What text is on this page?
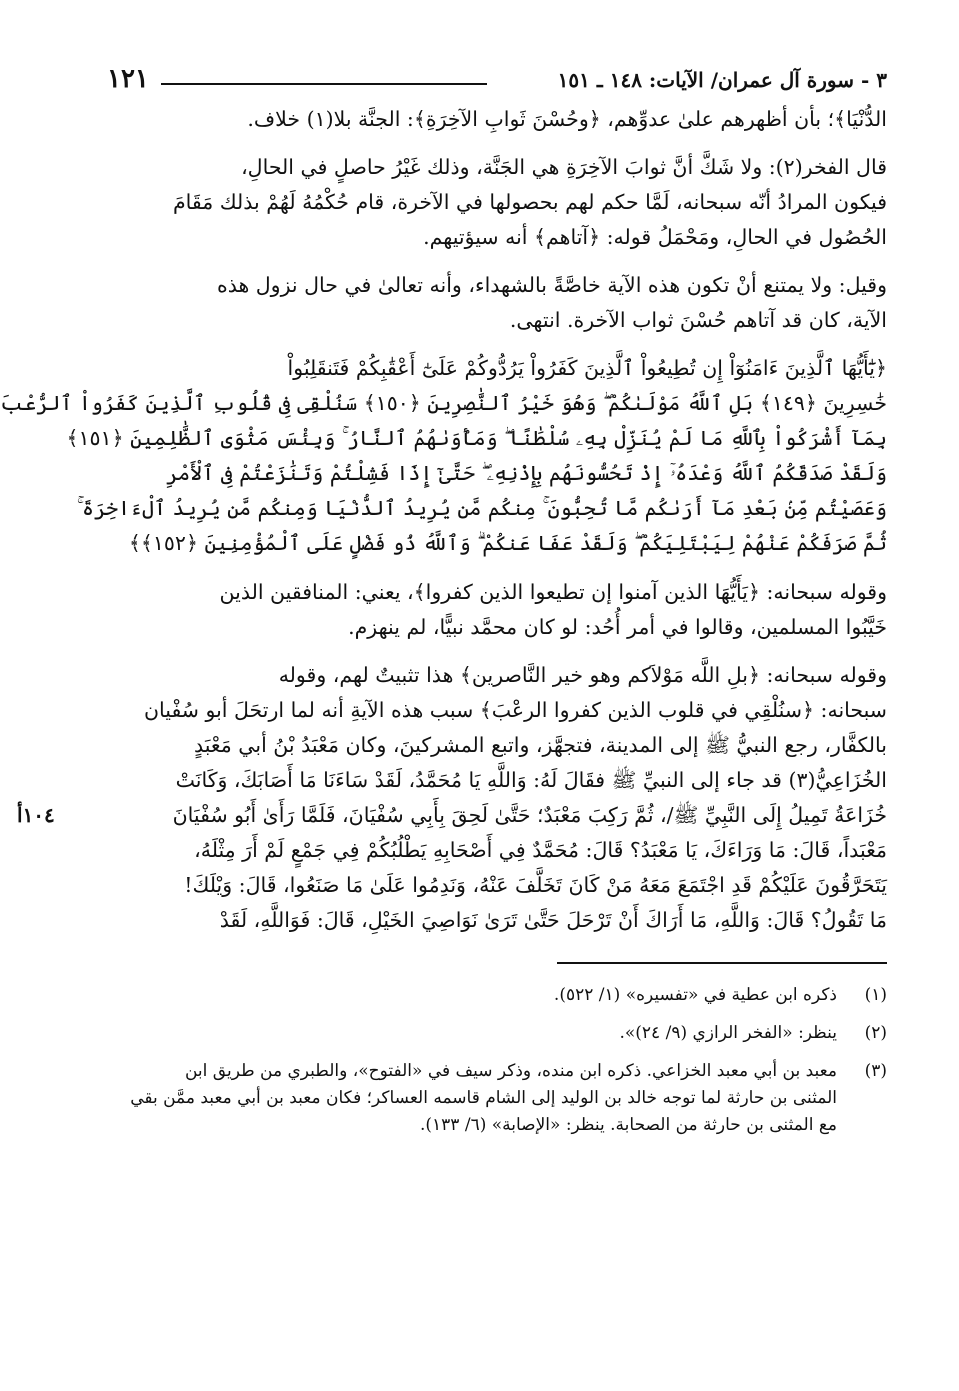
٣ - سورة آل عمران/ الآيات: ١٤٨ ـ ١٥١
١٢١
الدُّنْيَا﴾؛ بأن أظهرهم علىٰ عدوِّهم، ﴿وحُسْنَ ثَوابِ الآخِرَةِ﴾: الجنَّة بلا(١) خلاف.
قال الفخر(٢): ولا شَكَّ أنَّ ثوابَ الآخِرَةِ هي الجَنَّة، وذلك غَيْرُ حاصلٍ في الحالِ،
فيكون المرادُ أنّه سبحانه، لَمَّا حكم لهم بحصولها في الآخرة، قام حُكْمُهُ لَهُمْ بذلك مَقَامَ
الحُصُول في الحالِ، ومَحْمَلُ قوله: ﴿آتاهم﴾ أنه سيؤتيهم.
وقيل: ولا يمتنع أنْ تكون هذه الآية خاصَّةً بالشهداء، وأنه تعالىٰ في حال نزول هذه
الآية، كان قد آتاهم حُسْنَ ثواب الآخرة. انتهى.
﴿يَٰٓأَيُّهَا ٱلَّذِينَ ءَامَنُوٓاْ إِن تُطِيعُواْ ٱلَّذِينَ كَفَرُواْ يَرُدُّوكُمْ عَلَىٰٓ أَعْقَٰبِكُمْ فَتَنقَلِبُواْ
خَٰسِرِينَ ﴿١٤٩﴾ بَلِ ٱللَّهُ مَوْلَىٰكُمْ ۖ وَهُوَ خَيْرُ ٱلنَّٰصِرِينَ ﴿١٥٠﴾ سَنُلْقِى فِى قُلُوبِ ٱلَّذِينَ كَفَرُواْ ٱلرُّعْبَ
بِمَآ أَشْرَكُواْ بِٱللَّهِ مَا لَمْ يُنَزِّلْ بِهِۦ سُلْطَٰنًا ۖ وَمَأْوَىٰهُمُ ٱلنَّارُ ۚ وَبِئْسَ مَثْوَى ٱلظَّٰلِمِينَ ﴿١٥١﴾
وَلَقَدْ صَدَقَكُمُ ٱللَّهُ وَعْدَهُۥٓ إِذْ تَحُسُّونَهُم بِإِذْنِهِۦ ۖ حَتَّىٰٓ إِذَا فَشِلْتُمْ وَتَنَٰزَعْتُمْ فِى ٱلْأَمْرِ
وَعَصَيْتُم مِّنۢ بَعْدِ مَآ أَرَىٰكُم مَّا تُحِبُّونَ ۚ مِنكُم مَّن يُرِيدُ ٱلدُّنْيَا وَمِنكُم مَّن يُرِيدُ ٱلْءَاخِرَةَ ۚ
ثُمَّ صَرَفَكُمْ عَنْهُمْ لِيَبْتَلِيَكُمْ ۖ وَلَقَدْ عَفَا عَنكُمْ ۗ وَٱللَّهُ ذُو فَضْلٍ عَلَى ٱلْمُؤْمِنِينَ ﴿١٥٢﴾﴾
وقوله سبحانه: ﴿يَأَيُّهَا الذين آمنوا إن تطيعوا الذين كفروا﴾، يعني: المنافقين الذين
خَيَّبُوا المسلمين، وقالوا في أمر أُحُد: لو كان محمَّد نبيًّا، لم ينهزم.
وقوله سبحانه: ﴿بلِ اللَّه مَوْلاَكم وهو خير النَّاصرين﴾ هذا تثبيتٌ لهم، وقوله
سبحانه: ﴿سنُلْقِي في قلوب الذين كفروا الرعْبَ﴾ سبب هذه الآيةِ أنه لما ارتحَلَ أبو سُفْيان
بالكفَّار، رجع النبيُّ ﷺ إلى المدينة، فتجهَّز، واتبع المشركينَ، وكان مَعْبَدُ بْنُ أبي مَعْبَدٍ
الخُزَاعِيُّ(٣) قد جاء إلى النبيِّ ﷺ فقَالَ لَهُ: وَاللَّهِ يَا مُحَمَّدُ، لَقَدْ سَاءَنَا مَا أَصَابَكَ، وَكَانَتْ
خُزَاعَةُ تَمِيلُ إِلَى النَّبِيِّ ﷺ/، ثُمَّ رَكِبَ مَعْبَدٌ؛ حَتَّىٰ لَحِقَ بِأَبِي سُفْيَانَ، فَلَمَّا رَأَىٰ أَبُو سُفْيَانَ
١٠٤أ
مَعْبَداً، قَالَ: مَا وَرَاءَكَ، يَا مَعْبَدُ؟ قَالَ: مُحَمَّدٌ فِي أَصْحَابِهِ يَطْلُبُكُمْ فِي جَمْعٍ لَمْ أَرَ مِثْلَهُ،
يَتَحَرَّقُونَ عَلَيْكُمْ قَدِ اجْتَمَعَ مَعَهُ مَنْ كَانَ تَخَلَّفَ عَنْهُ، وَنَدِمُوا عَلَىٰ مَا صَنَعُوا، قَالَ: وَيْلَكَ!
مَا تَقُولُ؟ قَالَ: وَاللَّهِ، مَا أَرَاكَ أَنْ تَرْحَلَ حَتَّىٰ تَرَىٰ نَوَاصِيَ الخَيْلِ، قَالَ: فَوَاللَّهِ، لَقَدْ
(١)
ذكره ابن عطية في «تفسيره» (١/ ٥٢٢).
(٢)
ينظر: «الفخر الرازي (٩/ ٢٤)».
(٣)
معبد بن أبي معبد الخزاعي. ذكره ابن منده، وذكر سيف في «الفتوح»، والطبري من طريق ابن
المثنى بن حارثة لما توجه خالد بن الوليد إلى الشام قاسمه العساكر؛ فكان معبد بن أبي معبد ممَّن بقي
مع المثنى بن حارثة من الصحابة. ينظر: «الإصابة» (٦/ ١٣٣).
